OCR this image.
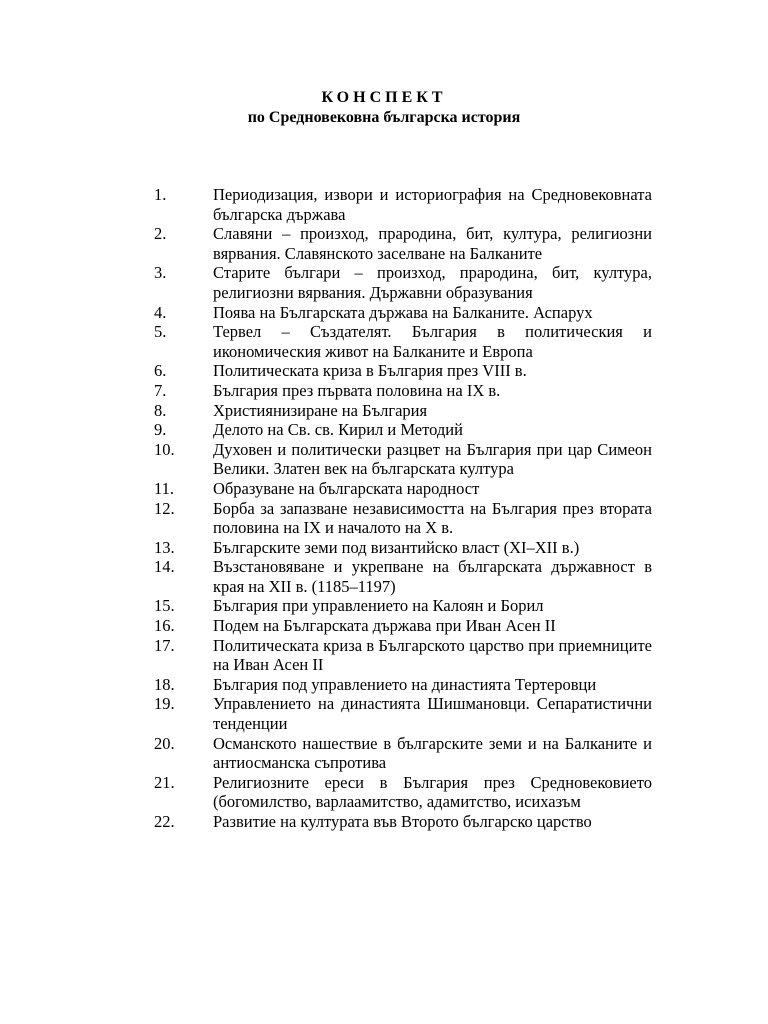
КОНСПЕКТ
по Средновековна българска история
1.	Периодизация, извори и историография на Средновековната българска държава
2.	Славяни – произход, прародина, бит, култура, религиозни вярвания. Славянското заселване на Балканите
3.	Старите българи – произход, прародина, бит, култура, религиозни вярвания. Държавни образувания
4.	Поява на Българската държава на Балканите. Аспарух
5.	Тервел – Създателят. България в политическия и икономическия живот на Балканите и Европа
6.	Политическата криза в България през VIII в.
7.	България през първата половина на IX в.
8.	Християнизиране на България
9.	Делото на Св. св. Кирил и Методий
10.	Духовен и политически разцвет на България при цар Симеон Велики. Златен век на българската култура
11.	Образуване на българската народност
12.	Борба за запазване независимостта на България през втората половина на IX и началото на X в.
13.	Българските земи под византийско власт (XI–XII в.)
14.	Възстановяване и укрепване на българската държавност в края на XII в. (1185–1197)
15.	България при управлението на Калоян и Борил
16.	Подем на Българската държава при Иван Асен II
17.	Политическата криза в Българското царство при приемниците на Иван Асен II
18.	България под управлението на династията Тертеровци
19.	Управлението на династията Шишмановци. Сепаратистични тенденции
20.	Османското нашествие в българските земи и на Балканите и антиосманска съпротива
21.	Религиозните ереси в България през Средновековието (богомилство, варлаамитство, адамитство, исихазъм
22.	Развитие на културата във Второто българско царство
